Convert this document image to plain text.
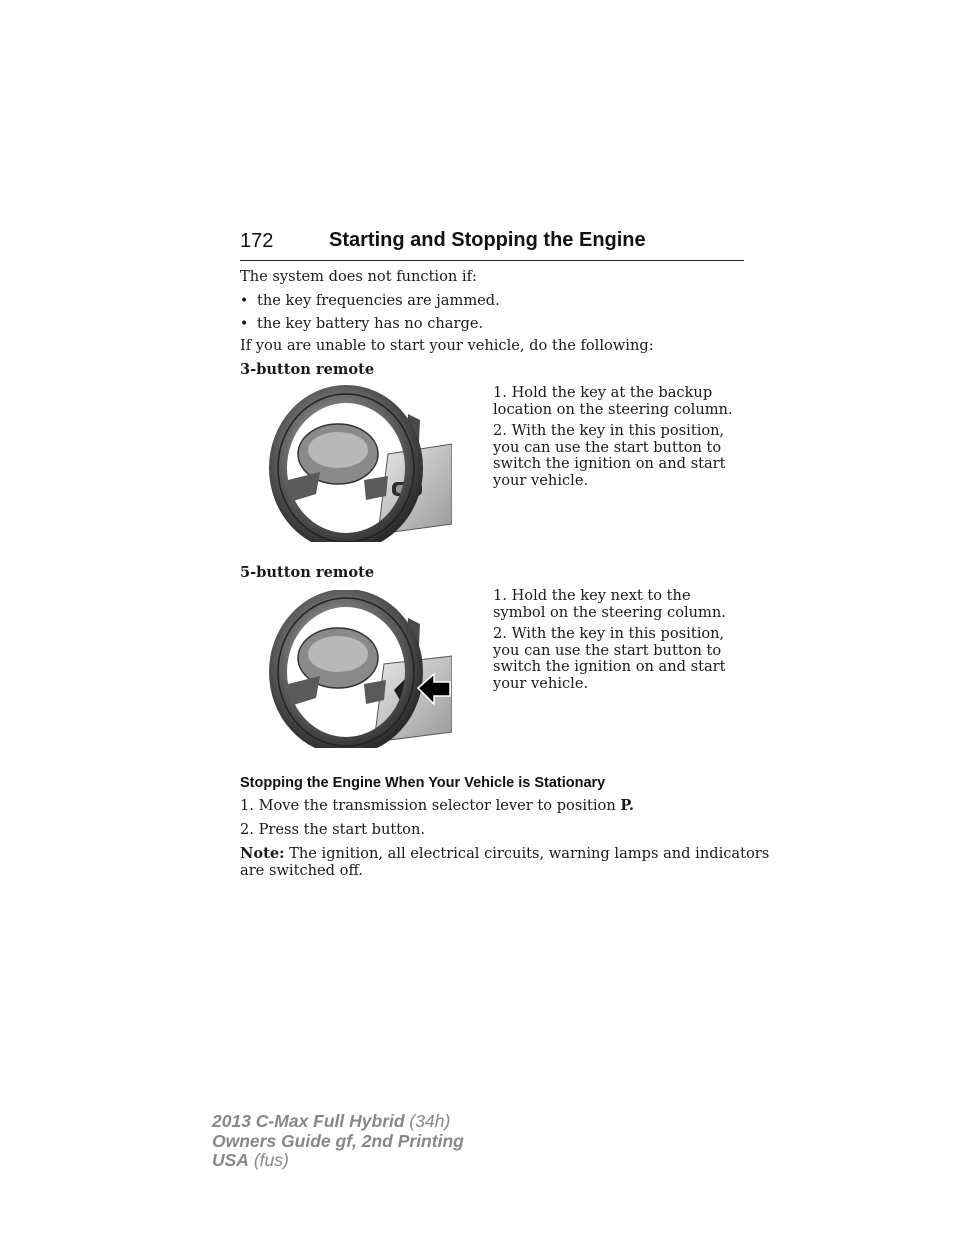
172	Starting and Stopping the Engine
The system does not function if:
• the key frequencies are jammed.
• the key battery has no charge.
If you are unable to start your vehicle, do the following:
3-button remote
1. Hold the key at the backup location on the steering column.
2. With the key in this position, you can use the start button to switch the ignition on and start your vehicle.
5-button remote
1. Hold the key next to the symbol on the steering column.
2. With the key in this position, you can use the start button to switch the ignition on and start your vehicle.
Stopping the Engine When Your Vehicle is Stationary
1. Move the transmission selector lever to position P.
2. Press the start button.
Note: The ignition, all electrical circuits, warning lamps and indicators
are switched off.
2013 C-Max Full Hybrid (34h)
Owners Guide gf, 2nd Printing
USA (fus)
